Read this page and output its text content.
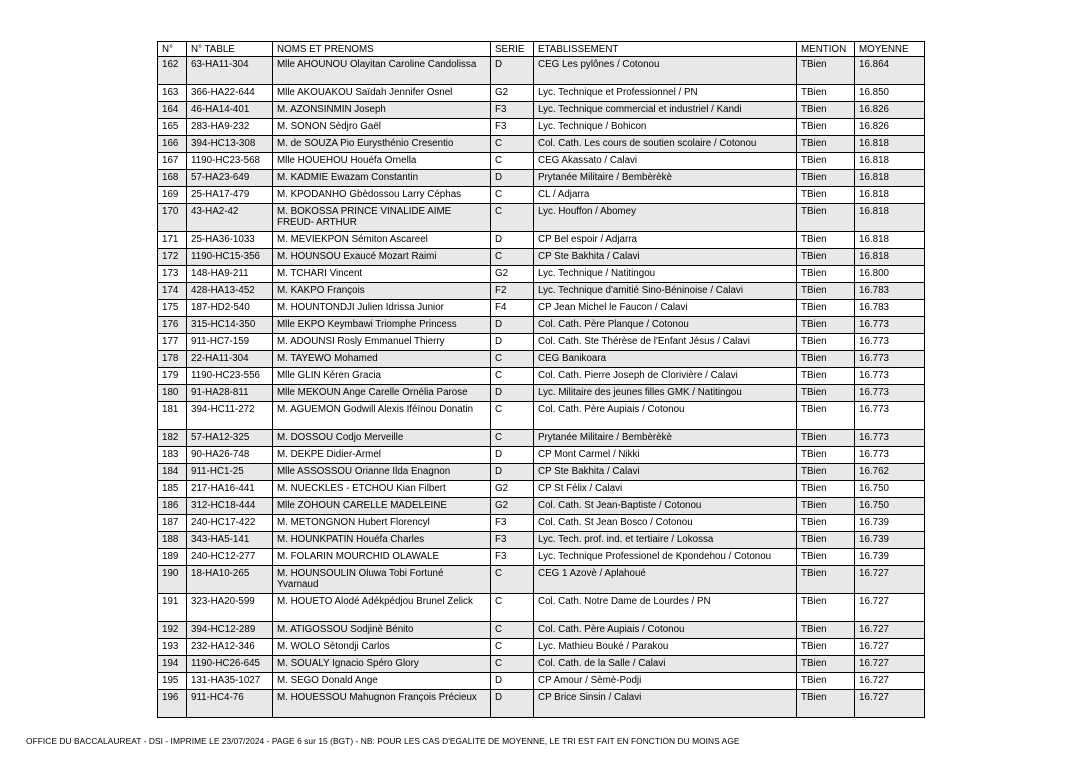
N°	N° TABLE	NOMS ET PRENOMS	SERIE	ETABLISSEMENT	MENTION	MOYENNE
162	63-HA11-304	Mlle AHOUNOU Olayitan Caroline Candolissa	D	CEG Les pylônes / Cotonou	TBien	16.864
163	366-HA22-644	Mlle AKOUAKOU Saïdah Jennifer Osnel	G2	Lyc. Technique et Professionnel / PN	TBien	16.850
164	46-HA14-401	M. AZONSINMIN Joseph	F3	Lyc. Technique commercial et industriel / Kandi	TBien	16.826
165	283-HA9-232	M. SONON Sèdjro Gaël	F3	Lyc. Technique / Bohicon	TBien	16.826
166	394-HC13-308	M. de SOUZA Pio Eurysthénio Cresentio	C	Col. Cath. Les cours de soutien scolaire / Cotonou	TBien	16.818
167	1190-HC23-568	Mlle HOUEHOU Houéfa Ornella	C	CEG Akassato / Calavi	TBien	16.818
168	57-HA23-649	M. KADMIE Ewazam Constantin	D	Prytanée Militaire / Bembèrèkè	TBien	16.818
169	25-HA17-479	M. KPODANHO Gbèdossou Larry Céphas	C	CL / Adjarra	TBien	16.818
170	43-HA2-42	M. BOKOSSA PRINCE VINALIDE AIME FREUD- ARTHUR	C	Lyc. Houffon / Abomey	TBien	16.818
171	25-HA36-1033	M. MEVIEKPON Sémiton Ascareel	D	CP Bel espoir / Adjarra	TBien	16.818
172	1190-HC15-356	M. HOUNSOU Exaucé Mozart Raimi	C	CP Ste Bakhita / Calavi	TBien	16.818
173	148-HA9-211	M. TCHARI Vincent	G2	Lyc. Technique / Natitingou	TBien	16.800
174	428-HA13-452	M. KAKPO François	F2	Lyc. Technique d'amitié Sino-Béninoise / Calavi	TBien	16.783
175	187-HD2-540	M. HOUNTONDJI Julien Idrissa Junior	F4	CP Jean Michel le Faucon / Calavi	TBien	16.783
176	315-HC14-350	Mlle EKPO Keymbawi Triomphe Princess	D	Col. Cath. Père Planque / Cotonou	TBien	16.773
177	911-HC7-159	M. ADOUNSI Rosly Emmanuel Thierry	D	Col. Cath. Ste Thérèse de l'Enfant Jésus / Calavi	TBien	16.773
178	22-HA11-304	M. TAYEWO Mohamed	C	CEG Banikoara	TBien	16.773
179	1190-HC23-556	Mlle GLIN Kéren Gracia	C	Col. Cath. Pierre Joseph de Clorivière / Calavi	TBien	16.773
180	91-HA28-811	Mlle MEKOUN Ange Carelle Ornélia Parose	D	Lyc. Militaire des jeunes filles GMK / Natitingou	TBien	16.773
181	394-HC11-272	M. AGUEMON Godwill Alexis Iféïnou Donatin	C	Col. Cath. Père Aupiais / Cotonou	TBien	16.773
182	57-HA12-325	M. DOSSOU Codjo Merveille	C	Prytanée Militaire / Bembèrèkè	TBien	16.773
183	90-HA26-748	M. DEKPE Didier-Armel	D	CP Mont Carmel / Nikki	TBien	16.773
184	911-HC1-25	Mlle ASSOSSOU Orianne Ilda Enagnon	D	CP Ste Bakhita / Calavi	TBien	16.762
185	217-HA16-441	M. NUECKLES - ETCHOU Kian Filbert	G2	CP St Félix / Calavi	TBien	16.750
186	312-HC18-444	Mlle ZOHOUN CARELLE MADELEINE	G2	Col. Cath. St Jean-Baptiste / Cotonou	TBien	16.750
187	240-HC17-422	M. METONGNON Hubert Florencyl	F3	Col. Cath. St Jean Bosco / Cotonou	TBien	16.739
188	343-HA5-141	M. HOUNKPATIN Houéfa Charles	F3	Lyc. Tech. prof. ind. et tertiaire / Lokossa	TBien	16.739
189	240-HC12-277	M. FOLARIN MOURCHID OLAWALE	F3	Lyc. Technique Professionel de Kpondehou / Cotonou	TBien	16.739
190	18-HA10-265	M. HOUNSOULIN Oluwa Tobi Fortuné Yvarnaud	C	CEG 1 Azovè / Aplahoué	TBien	16.727
191	323-HA20-599	M. HOUETO Alodé Adékpédjou Brunel Zelick	C	Col. Cath. Notre Dame de Lourdes / PN	TBien	16.727
192	394-HC12-289	M. ATIGOSSOU Sodjinè Bénito	C	Col. Cath. Père Aupiais / Cotonou	TBien	16.727
193	232-HA12-346	M. WOLO Sètondji Carlos	C	Lyc. Mathieu Bouké / Parakou	TBien	16.727
194	1190-HC26-645	M. SOUALY Ignacio Spéro Glory	C	Col. Cath. de la Salle / Calavi	TBien	16.727
195	131-HA35-1027	M. SEGO Donald Ange	D	CP Amour / Sèmè-Podji	TBien	16.727
196	911-HC4-76	M. HOUESSOU Mahugnon François Précieux	D	CP Brice Sinsin / Calavi	TBien	16.727
OFFICE DU BACCALAUREAT - DSI - IMPRIME LE 23/07/2024 - PAGE 6 sur 15 (BGT) - NB: POUR LES CAS D'EGALITE DE MOYENNE, LE TRI EST FAIT EN FONCTION DU MOINS AGE
